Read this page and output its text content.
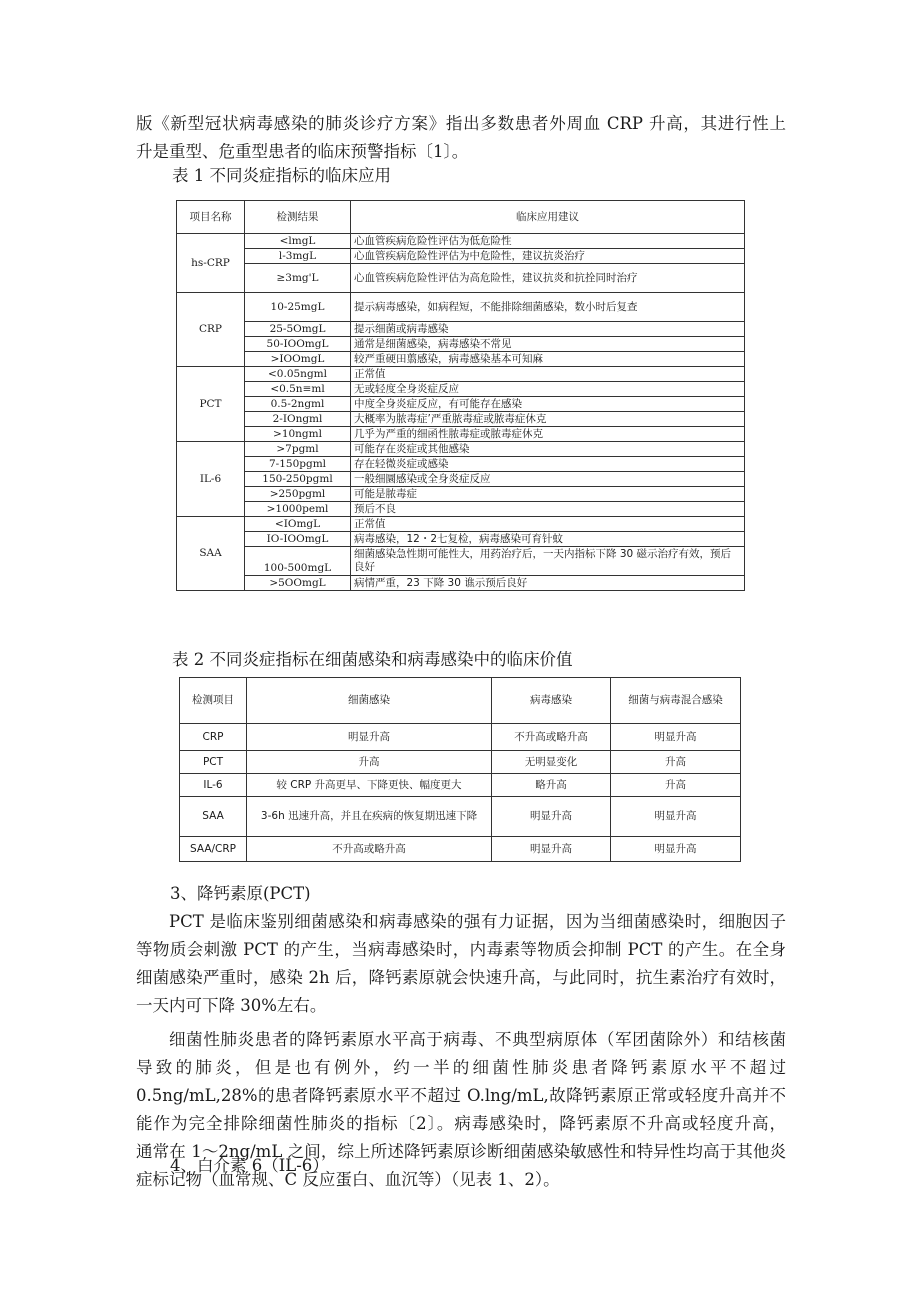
版《新型冠状病毒感染的肺炎诊疗方案》指出多数患者外周血 CRP 升高，其进行性上
升是重型、危重型患者的临床预警指标〔1〕。
表 1 不同炎症指标的临床应用
项目名称	检测结果	临床应用建议
hs-CRP	<lmgL	心血管疾病危险性评估为低危险性
	l-3mgL	心血管疾病危险性评估为中危险性，建议抗炎治疗
	≥3mg'L	心血管疾病危险性评估为高危险性，建议抗炎和抗拴同时治疗
CRP	10-25mgL	提示病毒感染，如病程短，不能排除细菌感染，数小时后复查
	25-5OmgL	提示细菌或病毒感染
	50-IOOmgL	通常是细菌感染，病毒感染不常见
	>IOOmgL	较严重硬田翦感染，病毒感染基本可知麻
PCT	<0.05ngml	正常值
	<0.5n≡ml	无或轻度全身炎症反应
	0.5-2ngml	中度全身炎症反应，有可能存在感染
	2-IOngml	大概率为脓毒症’严重脓毒症或脓毒症休克
	>10ngml	几乎为严重的细函性脓毒症或脓毒症休克
IL-6	>7pgml	可能存在炎症或其他感染
	7-150pgml	存在轻微炎症或感染
	150-250pgml	一般细圜感染或全身炎症反应
	>250pgml	可能是脓毒症
	>1000peml	预后不良
SAA	<IOmgL	正常值
	IO-IOOmgL	病毒感染，12・2七复检，病毒感染可育针蚊
	100-500mgL	细菌感染急性期可能性大，用药治疗后，一天内指标下降 30 磁示治疗有效，预后良好
	>5OOmgL	病情严重，23 下降 30 谯示预后良好
表 2 不同炎症指标在细菌感染和病毒感染中的临床价值
检测项目	细菌感染	病毒感染	细菌与病毒混合感染
CRP	明显升高	不升高或略升高	明显升高
PCT	升高	无明显变化	升高
IL-6	较 CRP 升高更早、下降更快、幅度更大	略升高	升高
SAA	3-6h 迅速升高，并且在疾病的恢复期迅速下降	明显升高	明显升高
SAA/CRP	不升高或略升高	明显升高	明显升高
3、降钙素原(PCT)
PCT 是临床鉴别细菌感染和病毒感染的强有力证据，因为当细菌感染时，细胞因子
等物质会刺激 PCT 的产生，当病毒感染时，内毒素等物质会抑制 PCT 的产生。在全身
细菌感染严重时，感染 2h 后，降钙素原就会快速升高，与此同时，抗生素治疗有效时，
一天内可下降 30%左右。
细菌性肺炎患者的降钙素原水平高于病毒、不典型病原体（军团菌除外）和结核菌
导致的肺炎，但是也有例外，约一半的细菌性肺炎患者降钙素原水平不超过
0.5ng/mL,28%的患者降钙素原水平不超过 O.lng/mL,故降钙素原正常或轻度升高并不
能作为完全排除细菌性肺炎的指标〔2〕。病毒感染时，降钙素原不升高或轻度升高，
通常在 1～2ng/mL 之间，综上所述降钙素原诊断细菌感染敏感性和特异性均高于其他炎
症标记物（血常规、C 反应蛋白、血沉等）（见表 1、2）。
4、白介素 6（IL-6）
